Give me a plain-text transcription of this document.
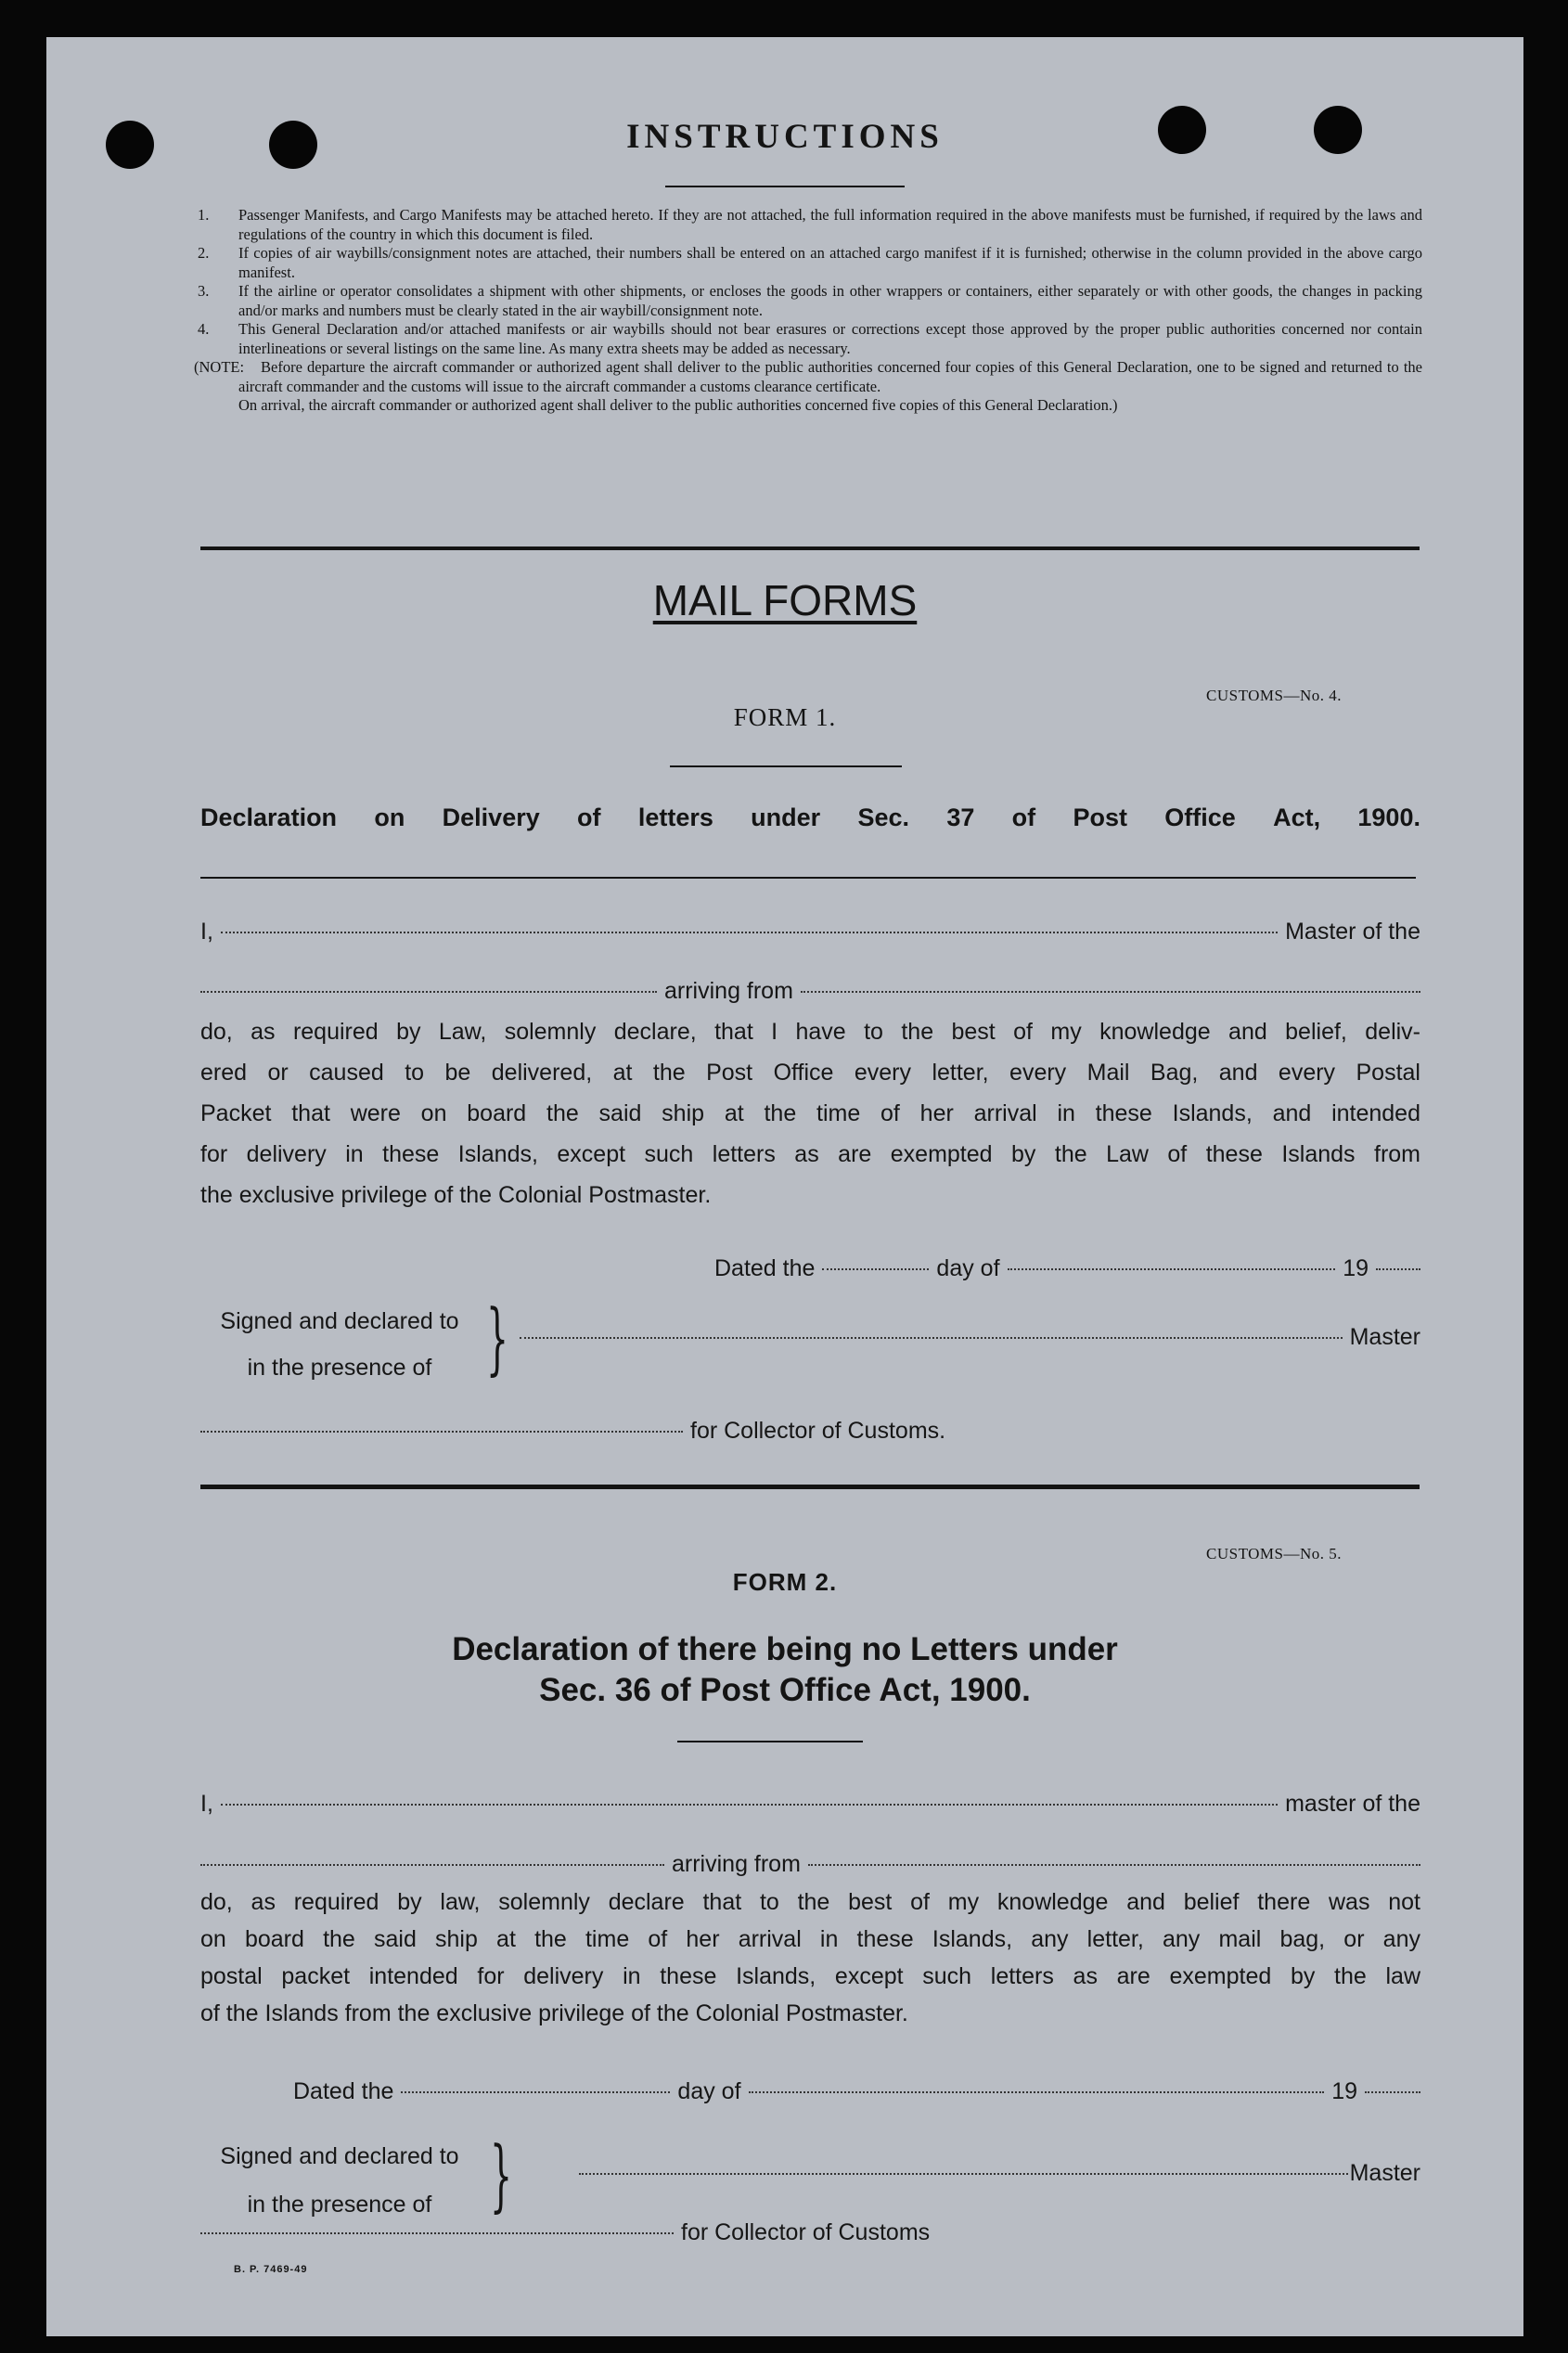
INSTRUCTIONS
1. Passenger Manifests, and Cargo Manifests may be attached hereto. If they are not attached, the full information required in the above manifests must be furnished, if required by the laws and regulations of the country in which this document is filed.
2. If copies of air waybills/consignment notes are attached, their numbers shall be entered on an attached cargo manifest if it is furnished; otherwise in the column provided in the above cargo manifest.
3. If the airline or operator consolidates a shipment with other shipments, or encloses the goods in other wrappers or containers, either separately or with other goods, the changes in packing and/or marks and numbers must be clearly stated in the air waybill/consignment note.
4. This General Declaration and/or attached manifests or air waybills should not bear erasures or corrections except those approved by the proper public authorities concerned nor contain interlineations or several listings on the same line. As many extra sheets may be added as necessary.
(NOTE: Before departure the aircraft commander or authorized agent shall deliver to the public authorities concerned four copies of this General Declaration, one to be signed and returned to the aircraft commander and the customs will issue to the aircraft commander a customs clearance certificate.
On arrival, the aircraft commander or authorized agent shall deliver to the public authorities concerned five copies of this General Declaration.)
MAIL FORMS
CUSTOMS—No. 4.
FORM 1.
Declaration on Delivery of letters under Sec. 37 of Post Office Act, 1900.
I,	Master of the
arriving from
do, as required by Law, solemnly declare, that I have to the best of my knowledge and belief, deliv-
ered or caused to be delivered, at the Post Office every letter, every Mail Bag, and every Postal
Packet that were on board the said ship at the time of her arrival in these Islands, and intended
for delivery in these Islands, except such letters as are exempted by the Law of these Islands from
the exclusive privilege of the Colonial Postmaster.
Dated the	day of	19
Signed and declared to
in the presence of }	Master
for Collector of Customs.
CUSTOMS—No. 5.
FORM 2.
Declaration of there being no Letters under
Sec. 36 of Post Office Act, 1900.
I,	master of the
arriving from
do, as required by law, solemnly declare that to the best of my knowledge and belief there was not
on board the said ship at the time of her arrival in these Islands, any letter, any mail bag, or any
postal packet intended for delivery in these Islands, except such letters as are exempted by the law
of the Islands from the exclusive privilege of the Colonial Postmaster.
Dated the	day of	19
Signed and declared to
in the presence of }	Master
for Collector of Customs
B. P. 7469-49
